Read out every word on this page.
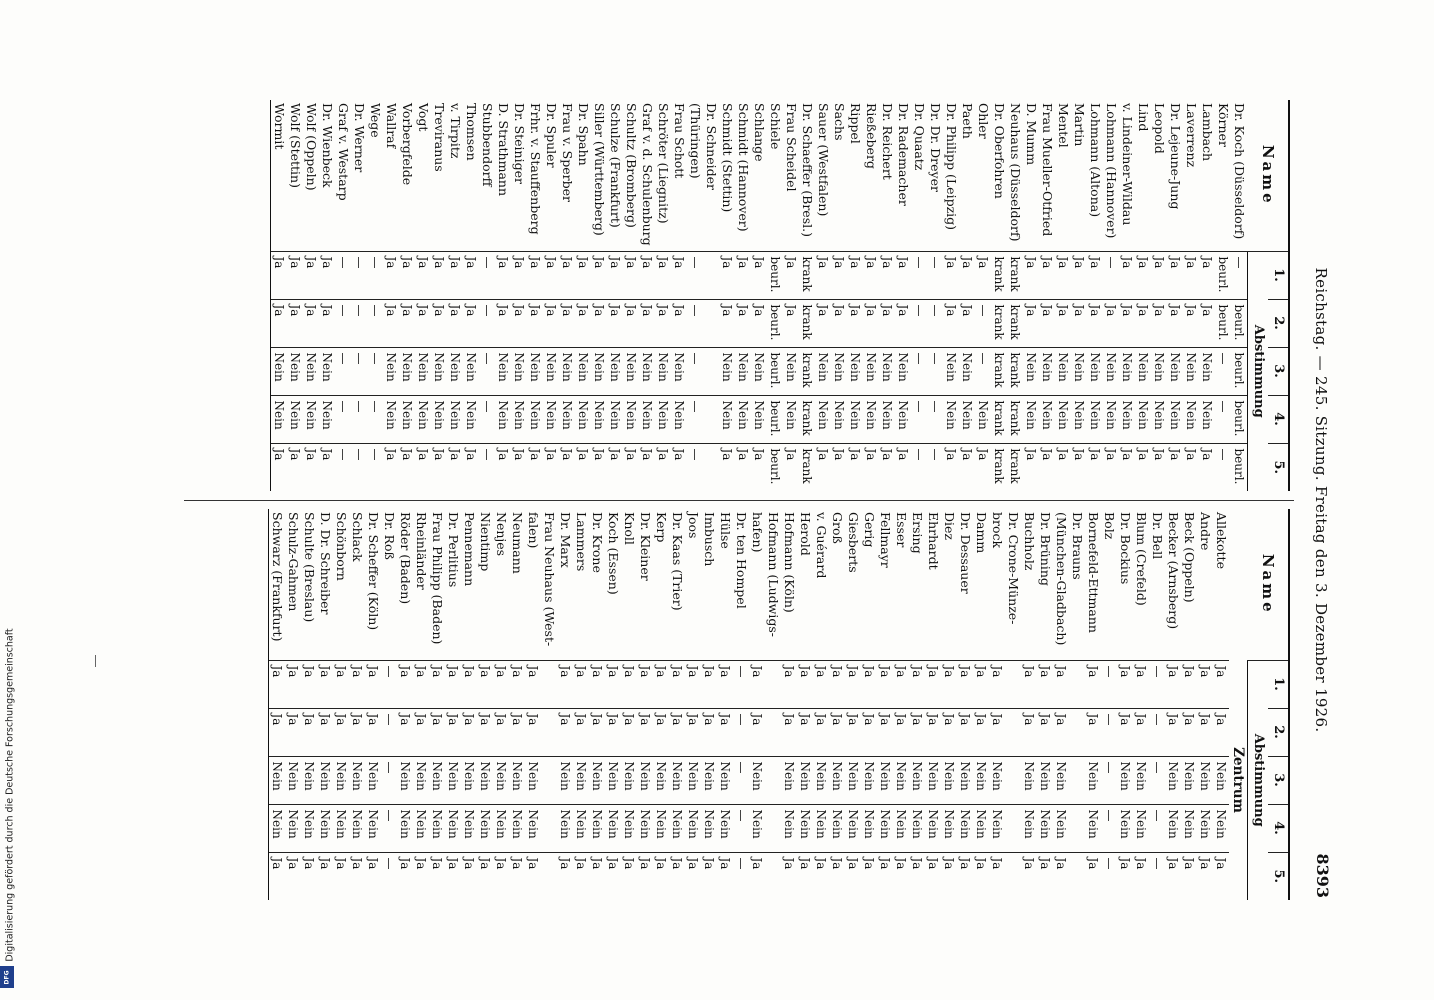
Digitalisierung gefördert durch die Deutsche Forschungsgemeinschaft
DFG
Reichstag. — 245. Sitzung. Freitag den 3. Dezember 1926.
8393
Name	1.	2.	3.	4.	5.
	Abstimmung				
Dr. Koch (Düsseldorf)	—	beurl.	beurl.	beurl.	beurl.
Körner	beurl.	beurl.	—	—	—
Lambach	Ja	Ja	Nein	Nein	Ja
Laverrenz	Ja	Ja	Nein	Nein	Ja
Dr. Lejeune-Jung	Ja	Ja	Nein	Nein	Ja
Leopold	Ja	Ja	Nein	Nein	Ja
Lind	Ja	Ja	Nein	Nein	Ja
v. Lindeiner-Wildau	Ja	Ja	Nein	Nein	Ja
Lohmann (Hannover)	—	Ja	Nein	Nein	Ja
Lohmann (Altona)	Ja	Ja	Nein	Nein	Ja
Martin	Ja	Ja	Nein	Nein	Ja
Mentel	Ja	Ja	Nein	Nein	Ja
Frau Mueller-Otfried	Ja	Ja	Nein	Nein	Ja
D. Mumm	Ja	Ja	Nein	Nein	Ja
Neuhaus (Düsseldorf)	krank	krank	krank	krank	krank
Dr. Oberfohren	krank	krank	krank	krank	krank
Ohler	Ja	—	—	Nein	Ja
Paeth	Ja	Ja	Nein	Nein	Ja
Dr. Philipp (Leipzig)	Ja	Ja	Nein	Nein	Ja
Dr. Dr. Dreyer	—	—	—	—	—
Dr. Quaatz	—	—	—	—	—
Dr. Rademacher	Ja	Ja	Nein	Nein	Ja
Dr. Reichert	Ja	Ja	Nein	Nein	Ja
Rießeberg	Ja	Ja	Nein	Nein	Ja
Rippel	Ja	Ja	Nein	Nein	Ja
Sachs	Ja	Ja	Nein	Nein	Ja
Sauer (Westfalen)	Ja	Ja	Nein	Nein	Ja
Dr. Schaeffer (Bresl.)	krank	krank	krank	krank	krank
Frau Scheidel	Ja	Ja	Nein	Nein	Ja
Schiele	beurl.	beurl.	beurl.	beurl.	beurl.
Schlange	Ja	Ja	Nein	Nein	Ja
Schmidt (Hannover)	Ja	Ja	Nein	Nein	Ja
Schmidt (Stettin)	Ja	Ja	Nein	Nein	Ja
Dr. Schneider					
(Thüringen)	—	—	—	—	—
Frau Schott	Ja	Ja	Nein	Nein	Ja
Schröter (Liegnitz)	Ja	Ja	Nein	Nein	Ja
Graf v. d. Schulenburg	Ja	Ja	Nein	Nein	Ja
Schultz (Bromberg)	Ja	Ja	Nein	Nein	Ja
Schulze (Frankfurt)	Ja	Ja	Nein	Nein	Ja
Siller (Württemberg)	Ja	Ja	Nein	Nein	Ja
Dr. Spahn	Ja	Ja	Nein	Nein	Ja
Frau v. Sperber	Ja	Ja	Nein	Nein	Ja
Dr. Spuler	Ja	Ja	Nein	Nein	Ja
Frhr. v. Stauffenberg	Ja	Ja	Nein	Nein	Ja
Dr. Steiniger	Ja	Ja	Nein	Nein	Ja
D. Strathmann	Ja	Ja	Nein	Nein	Ja
Stubbendorff	—	—	—	—	—
Thomsen	Ja	Ja	Nein	Nein	Ja
v. Tirpitz	Ja	Ja	Nein	Nein	Ja
Treviranus	Ja	Ja	Nein	Nein	Ja
Vogt	Ja	Ja	Nein	Nein	Ja
Vorbergfelde	Ja	Ja	Nein	Nein	Ja
Wallraf	Ja	Ja	Nein	Nein	Ja
Wege	—	—	—	—	—
Dr. Werner	—	—	—	—	—
Graf v. Westarp	—	—	—	—	—
Dr. Wienbeck	Ja	Ja	Nein	Nein	Ja
Wolf (Oppeln)	Ja	Ja	Nein	Nein	Ja
Wolf (Stettin)	Ja	Ja	Nein	Nein	Ja
Wormit	Ja	Ja	Nein	Nein	Ja
Name	1.	2.	3.	4.	5.
	Abstimmung				
	Zentrum				
Allekotte	Ja	Ja	Nein	Nein	Ja
Andre	Ja	Ja	Nein	Nein	Ja
Beck (Oppeln)	Ja	Ja	Nein	Nein	Ja
Becker (Arnsberg)	Ja	Ja	Nein	Nein	Ja
Dr. Bell	—	—	—	—	—
Blum (Crefeld)	Ja	Ja	Nein	Nein	Ja
Dr. Bockius	Ja	Ja	Nein	Nein	Ja
Bolz	—	—	—	—	—
Bornefeld-Ettmann	Ja	Ja	Nein	Nein	Ja
Dr. Brauns					
(München-Gladbach)	Ja	Ja	Nein	Nein	Ja
Dr. Brüning	Ja	Ja	Nein	Nein	Ja
Buchholz	Ja	Ja	Nein	Nein	Ja
Dr. Crone-Münze-					
brock	Ja	Ja	Nein	Nein	Ja
Damm	Ja	Ja	Nein	Nein	Ja
Dr. Dessauer	Ja	Ja	Nein	Nein	Ja
Diez	Ja	Ja	Nein	Nein	Ja
Ehrhardt	Ja	Ja	Nein	Nein	Ja
Ersing	Ja	Ja	Nein	Nein	Ja
Esser	Ja	Ja	Nein	Nein	Ja
Fellmayr	Ja	Ja	Nein	Nein	Ja
Gerig	Ja	Ja	Nein	Nein	Ja
Giesberts	Ja	Ja	Nein	Nein	Ja
Groß	Ja	Ja	Nein	Nein	Ja
v. Guérard	Ja	Ja	Nein	Nein	Ja
Herold	Ja	Ja	Nein	Nein	Ja
Hofmann (Köln)	Ja	Ja	Nein	Nein	Ja
Hofmann (Ludwigs-					
hafen)	Ja	Ja	Nein	Nein	Ja
Dr. ten Hompel	—	—	—	—	—
Hülse	Ja	Ja	Nein	Nein	Ja
Imbusch	Ja	Ja	Nein	Nein	Ja
Joos	Ja	Ja	Nein	Nein	Ja
Dr. Kaas (Trier)	Ja	Ja	Nein	Nein	Ja
Kerp	Ja	Ja	Nein	Nein	Ja
Dr. Kleiner	Ja	Ja	Nein	Nein	Ja
Knoll	Ja	Ja	Nein	Nein	Ja
Koch (Essen)	Ja	Ja	Nein	Nein	Ja
Dr. Krone	Ja	Ja	Nein	Nein	Ja
Lammers	Ja	Ja	Nein	Nein	Ja
Dr. Marx	Ja	Ja	Nein	Nein	Ja
Frau Neuhaus (West-					
falen)	Ja	Ja	Nein	Nein	Ja
Neumann	Ja	Ja	Nein	Nein	Ja
Nenjes	Ja	Ja	Nein	Nein	Ja
Nientimp	Ja	Ja	Nein	Nein	Ja
Pennemann	Ja	Ja	Nein	Nein	Ja
Dr. Perlitius	Ja	Ja	Nein	Nein	Ja
Frau Philipp (Baden)	Ja	Ja	Nein	Nein	Ja
Rheinländer	Ja	Ja	Nein	Nein	Ja
Röder (Baden)	Ja	Ja	Nein	Nein	Ja
Dr. Roß	—	—	—	—	—
Dr. Scheffer (Köln)	Ja	Ja	Nein	Nein	Ja
Schlack	Ja	Ja	Nein	Nein	Ja
Schönborn	Ja	Ja	Nein	Nein	Ja
D. Dr. Schreiber	Ja	Ja	Nein	Nein	Ja
Schulte (Breslau)	Ja	Ja	Nein	Nein	Ja
Schulz-Gahmen	Ja	Ja	Nein	Nein	Ja
Schwarz (Frankfurt)	Ja	Ja	Nein	Nein	Ja
